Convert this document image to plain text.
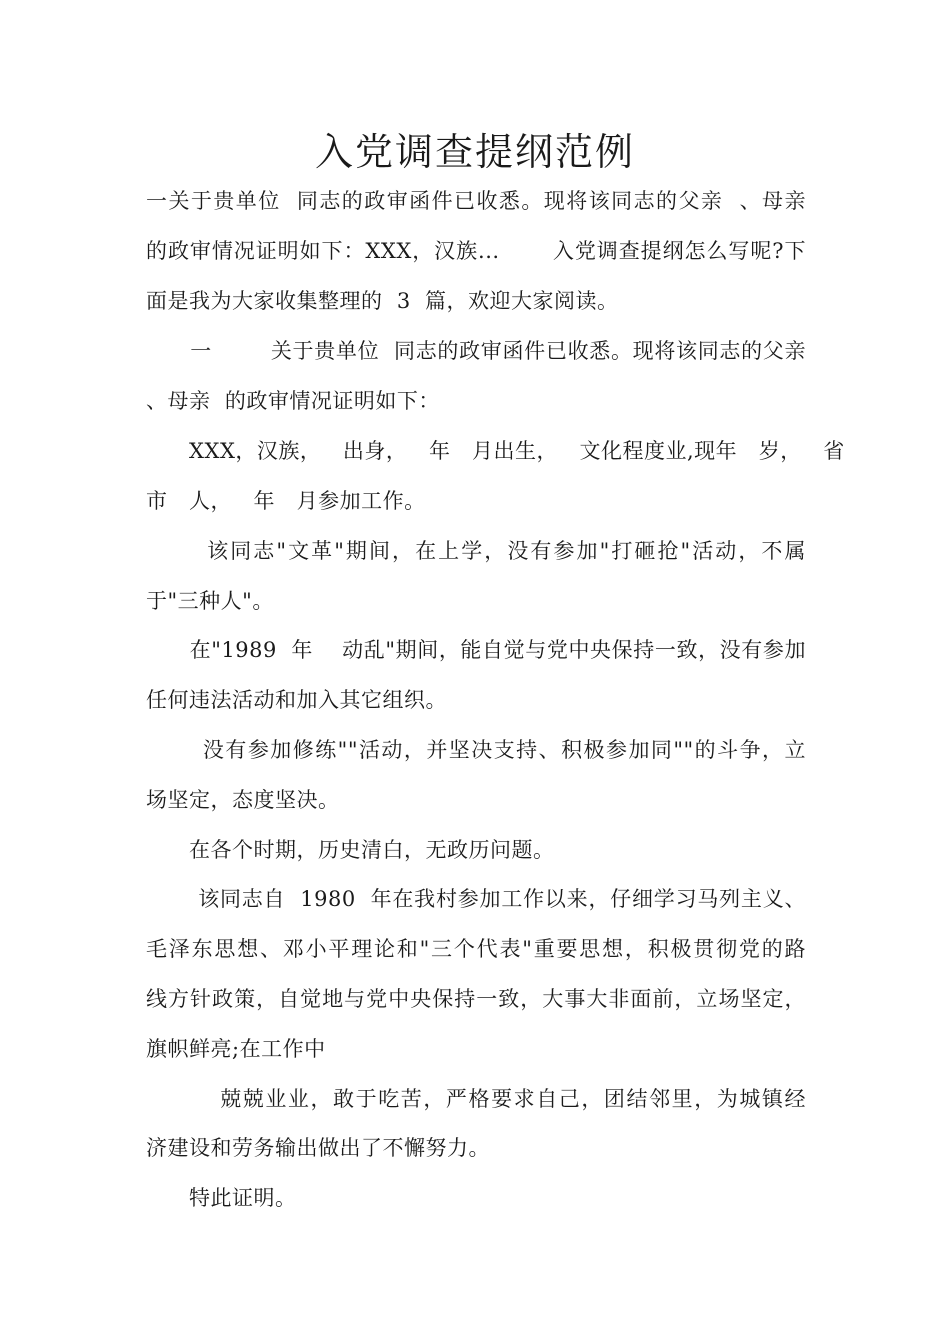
入党调查提纲范例
一关于贵单位  同志的政审函件已收悉。现将该同志的父亲  、母亲
的政审情况证明如下：XXX，汉族...       入党调查提纲怎么写呢?下
面是我为大家收集整理的  3  篇，欢迎大家阅读。
一        关于贵单位  同志的政审函件已收悉。现将该同志的父亲
、母亲  的政审情况证明如下：
XXX，汉族，   出身，   年   月出生，   文化程度业,现年   岁，   省
市   人，   年   月参加工作。
该同志"文革"期间，在上学，没有参加"打砸抢"活动，不属
于"三种人"。
在"1989  年    动乱"期间，能自觉与党中央保持一致，没有参加
任何违法活动和加入其它组织。
没有参加修练""活动，并坚决支持、积极参加同""的斗争，立
场坚定，态度坚决。
在各个时期，历史清白，无政历问题。
该同志自  1980  年在我村参加工作以来，仔细学习马列主义、
毛泽东思想、邓小平理论和"三个代表"重要思想，积极贯彻党的路
线方针政策，自觉地与党中央保持一致，大事大非面前，立场坚定，
旗帜鲜亮;在工作中
兢兢业业，敢于吃苦，严格要求自己，团结邻里，为城镇经
济建设和劳务输出做出了不懈努力。
特此证明。
